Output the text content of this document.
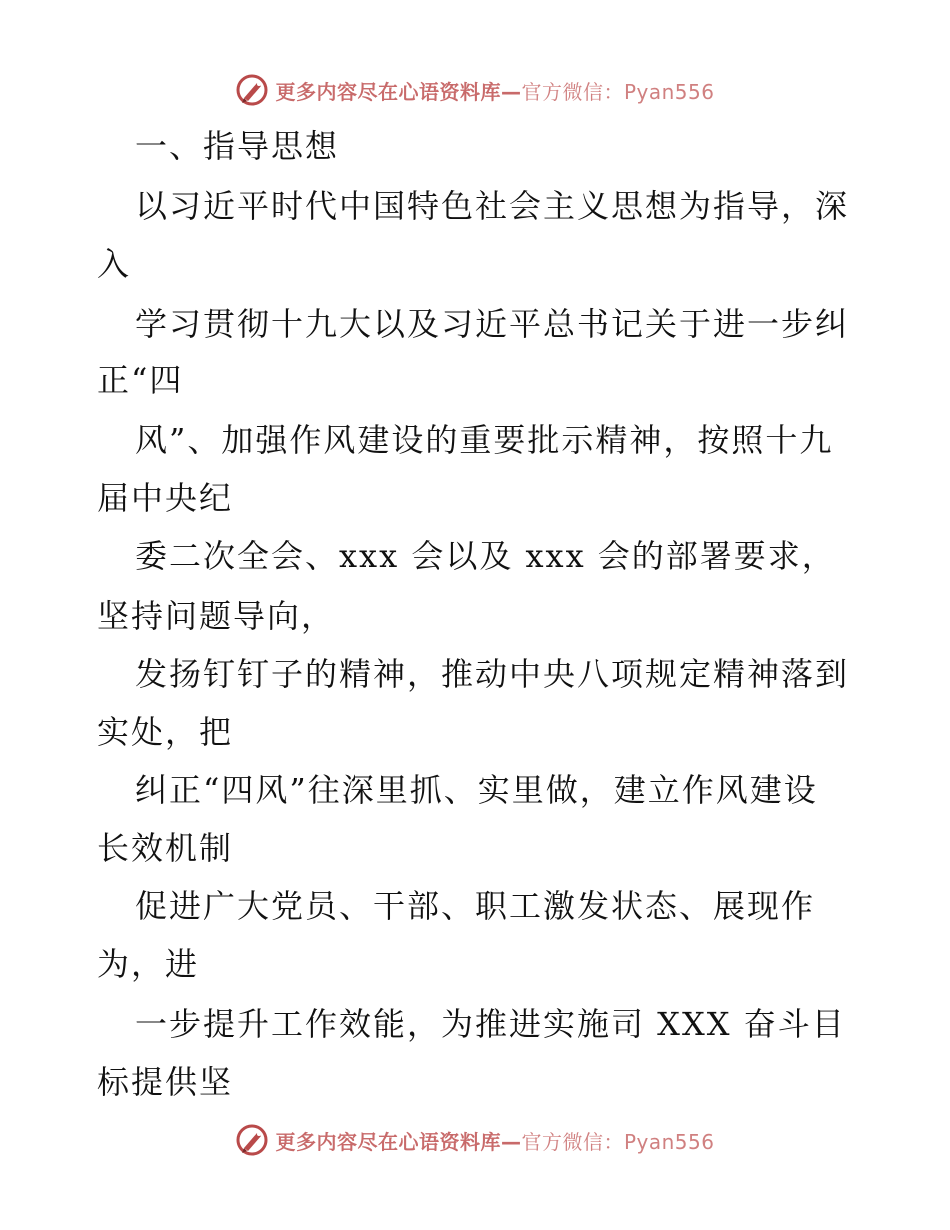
更多内容尽在心语资料库—官方微信：Pyan556
一、指导思想
以习近平时代中国特色社会主义思想为指导，深
入
学习贯彻十九大以及习近平总书记关于进一步纠
正“四
风”、加强作风建设的重要批示精神，按照十九
届中央纪
委二次全会、xxx 会以及 xxx 会的部署要求，
坚持问题导向，
发扬钉钉子的精神，推动中央八项规定精神落到
实处，把
纠正“四风”往深里抓、实里做，建立作风建设
长效机制
促进广大党员、干部、职工激发状态、展现作
为，进
一步提升工作效能，为推进实施司 XXX 奋斗目
标提供坚
更多内容尽在心语资料库—官方微信：Pyan556
